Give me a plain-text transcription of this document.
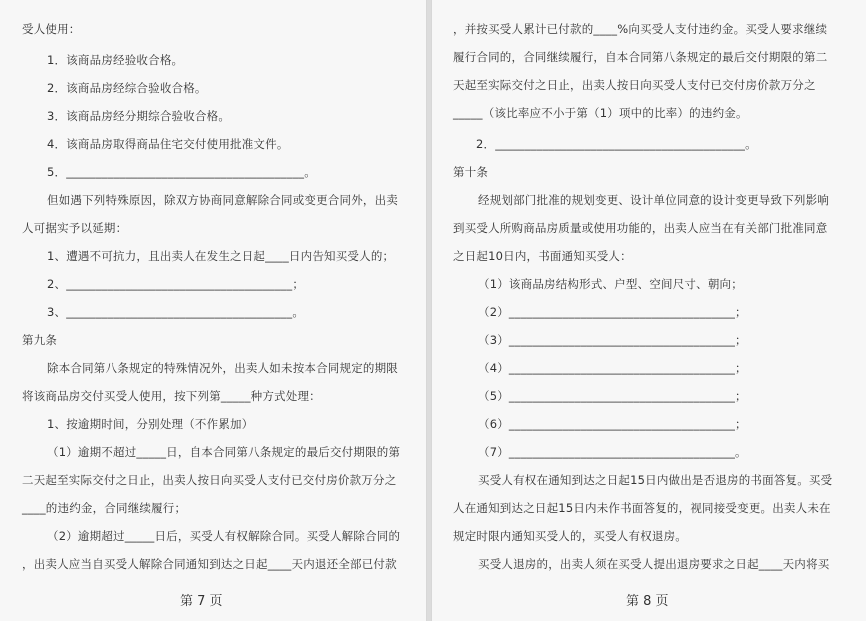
受人使用：
1．该商品房经验收合格。
2．该商品房经综合验收合格。
3．该商品房经分期综合验收合格。
4．该商品房取得商品住宅交付使用批准文件。
5．________________________________________。
但如遇下列特殊原因，除双方协商同意解除合同或变更合同外，出卖
人可据实予以延期：
1、遭遇不可抗力，且出卖人在发生之日起____日内告知买受人的；
2、______________________________________；
3、______________________________________。
第九条
除本合同第八条规定的特殊情况外，出卖人如未按本合同规定的期限
将该商品房交付买受人使用，按下列第_____种方式处理：
1、按逾期时间，分别处理（不作累加）
（1）逾期不超过_____日，自本合同第八条规定的最后交付期限的第
二天起至实际交付之日止，出卖人按日向买受人支付已交付房价款万分之
____的违约金，合同继续履行；
（2）逾期超过_____日后，买受人有权解除合同。买受人解除合同的
，出卖人应当自买受人解除合同通知到达之日起____天内退还全部已付款
第 7 页
，并按买受人累计已付款的____%向买受人支付违约金。买受人要求继续
履行合同的，合同继续履行，自本合同第八条规定的最后交付期限的第二
天起至实际交付之日止，出卖人按日向买受人支付已交付房价款万分之
_____（该比率应不小于第（1）项中的比率）的违约金。
2．__________________________________________。
第十条
经规划部门批准的规划变更、设计单位同意的设计变更导致下列影响
到买受人所购商品房质量或使用功能的，出卖人应当在有关部门批准同意
之日起10日内，书面通知买受人：
（1）该商品房结构形式、户型、空间尺寸、朝向；
（2）______________________________________；
（3）______________________________________；
（4）______________________________________；
（5）______________________________________；
（6）______________________________________；
（7）______________________________________。
买受人有权在通知到达之日起15日内做出是否退房的书面答复。买受
人在通知到达之日起15日内未作书面答复的，视同接受变更。出卖人未在
规定时限内通知买受人的，买受人有权退房。
买受人退房的，出卖人须在买受人提出退房要求之日起____天内将买
第 8 页
